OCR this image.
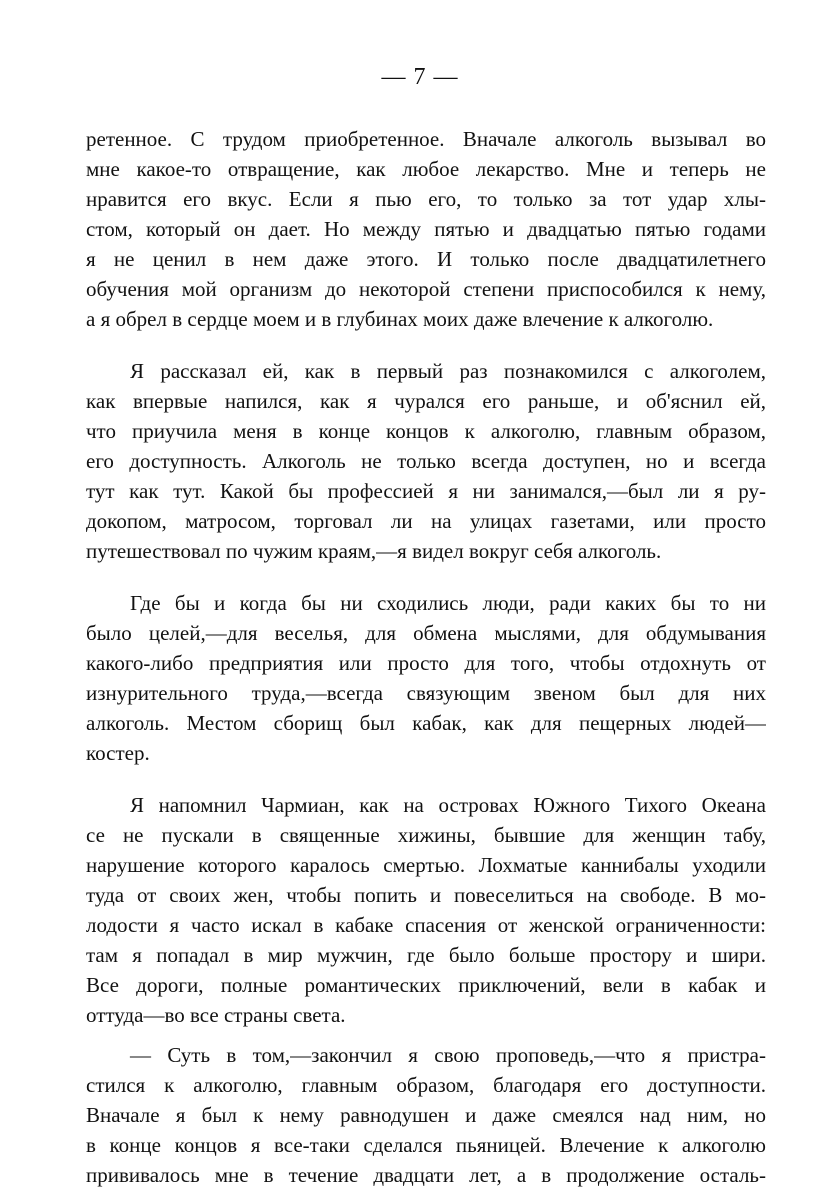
— 7 —
ретенное. С трудом приобретенное. Вначале алкоголь вызывал во
мне какое-то отвращение, как любое лекарство. Мне и теперь не
нравится его вкус. Если я пью его, то только за тот удар хлы-
стом, который он дает. Но между пятью и двадцатью пятью годами
я не ценил в нем даже этого. И только после двадцатилетнего
обучения мой организм до некоторой степени приспособился к нему,
а я обрел в сердце моем и в глубинах моих даже влечение к алкоголю.
Я рассказал ей, как в первый раз познакомился с алкоголем,
как впервые напился, как я чурался его раньше, и об'яснил ей,
что приучила меня в конце концов к алкоголю, главным образом,
его доступность. Алкоголь не только всегда доступен, но и всегда
тут как тут. Какой бы профессией я ни занимался,—был ли я ру-
докопом, матросом, торговал ли на улицах газетами, или просто
путешествовал по чужим краям,—я видел вокруг себя алкоголь.
Где бы и когда бы ни сходились люди, ради каких бы то ни
было целей,—для веселья, для обмена мыслями, для обдумывания
какого-либо предприятия или просто для того, чтобы отдохнуть от
изнурительного труда,—всегда связующим звеном был для них
алкоголь. Местом сборищ был кабак, как для пещерных людей—
костер.
Я напомнил Чармиан, как на островах Южного Тихого Океана
се не пускали в священные хижины, бывшие для женщин табу,
нарушение которого каралось смертью. Лохматые каннибалы уходили
туда от своих жен, чтобы попить и повеселиться на свободе. В мо-
лодости я часто искал в кабаке спасения от женской ограниченности:
там я попадал в мир мужчин, где было больше простору и шири.
Все дороги, полные романтических приключений, вели в кабак и
оттуда—во все страны света.
— Суть в том,—закончил я свою проповедь,—что я пристра-
стился к алкоголю, главным образом, благодаря его доступности.
Вначале я был к нему равнодушен и даже смеялся над ним, но
в конце концов я все-таки сделался пьяницей. Влечение к алкоголю
прививалось мне в течение двадцати лет, а в продолжение осталь-
